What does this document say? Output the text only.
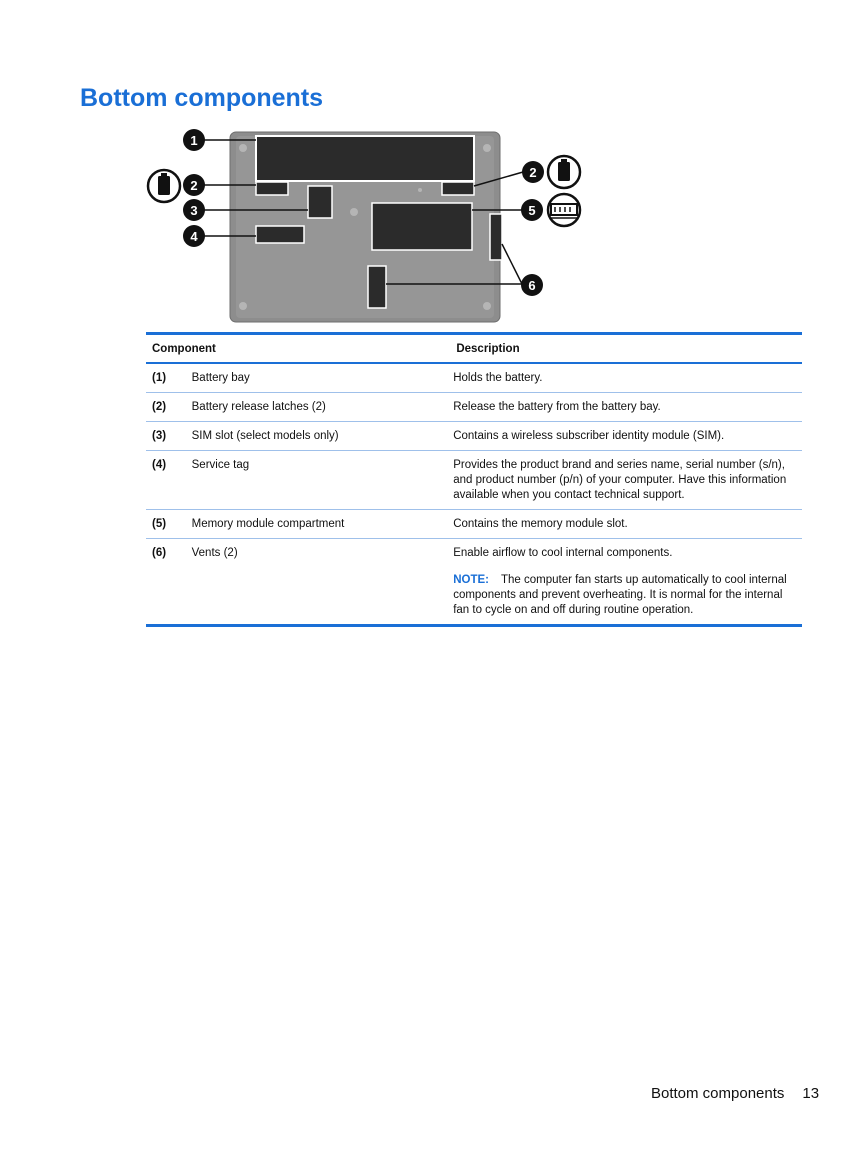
Bottom components
1
2
2
3
4
5
6
Component	Description
(1)	Battery bay	Holds the battery.
(2)	Battery release latches (2)	Release the battery from the battery bay.
(3)	SIM slot (select models only)	Contains a wireless subscriber identity module (SIM).
(4)	Service tag	Provides the product brand and series name, serial number (s/n), and product number (p/n) of your computer. Have this information available when you contact technical support.
(5)	Memory module compartment	Contains the memory module slot.
(6)	Vents (2)	Enable airflow to cool internal components.
NOTE: The computer fan starts up automatically to cool internal components and prevent overheating. It is normal for the internal fan to cycle on and off during routine operation.
Bottom components 13
